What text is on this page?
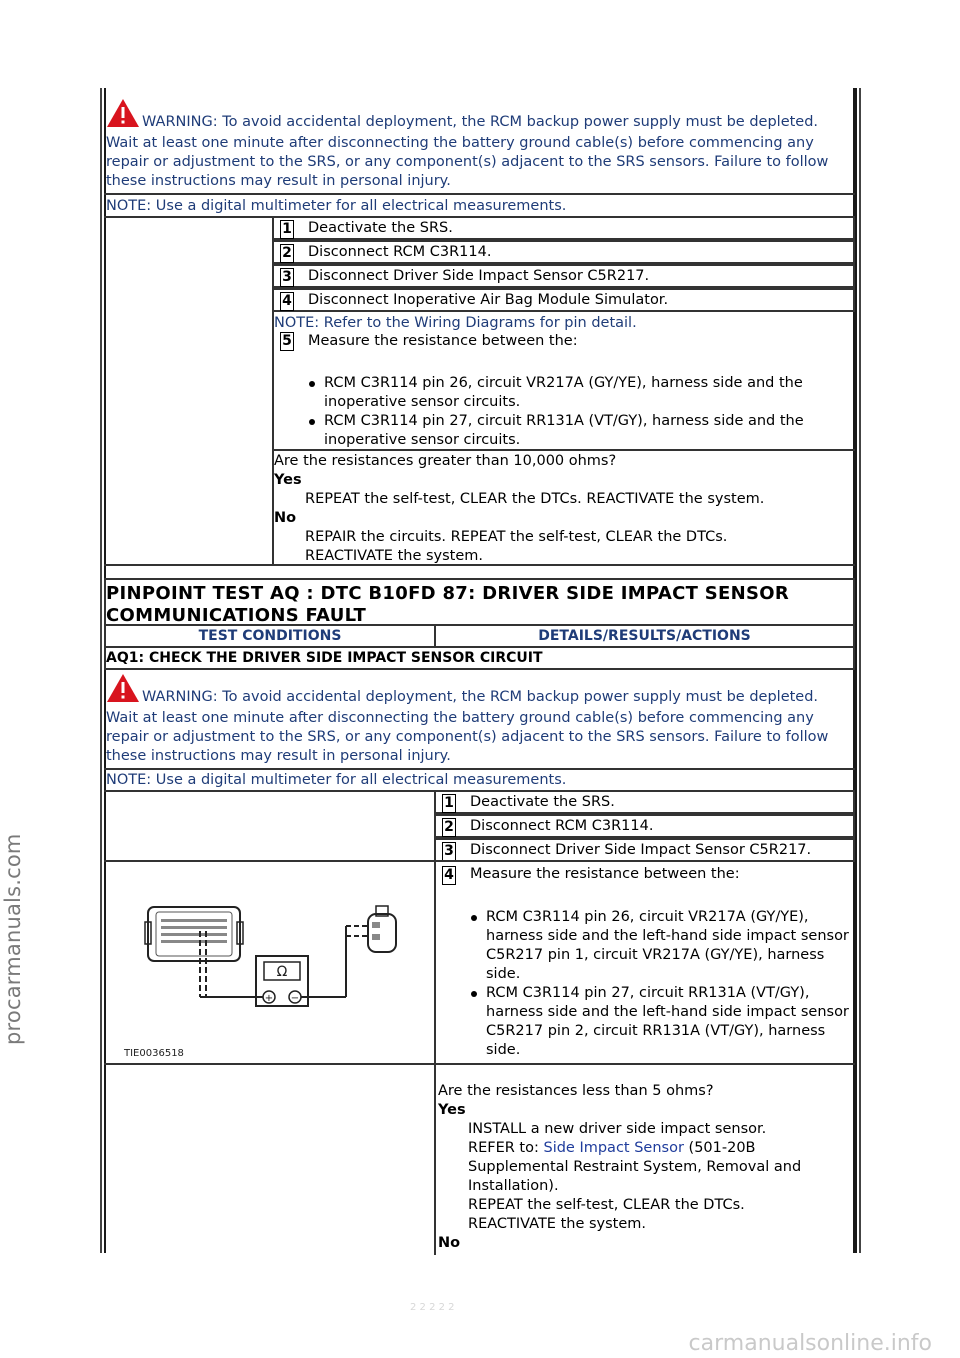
procarmanuals.com
carmanualsonline.info
2 2 2 2 2
WARNING: To avoid accidental deployment, the RCM backup power supply must be depleted. Wait at least one minute after disconnecting the battery ground cable(s) before commencing any repair or adjustment to the SRS, or any component(s) adjacent to the SRS sensors. Failure to follow these instructions may result in personal injury.
NOTE: Use a digital multimeter for all electrical measurements.
1 Deactivate the SRS.
2 Disconnect RCM C3R114.
3 Disconnect Driver Side Impact Sensor C5R217.
4 Disconnect Inoperative Air Bag Module Simulator.
NOTE: Refer to the Wiring Diagrams for pin detail.
5 Measure the resistance between the:
RCM C3R114 pin 26, circuit VR217A (GY/YE), harness side and the inoperative sensor circuits.
RCM C3R114 pin 27, circuit RR131A (VT/GY), harness side and the inoperative sensor circuits.
Are the resistances greater than 10,000 ohms?
Yes
REPEAT the self-test, CLEAR the DTCs. REACTIVATE the system.
No
REPAIR the circuits. REPEAT the self-test, CLEAR the DTCs.
REACTIVATE the system.
PINPOINT TEST AQ : DTC B10FD 87: DRIVER SIDE IMPACT SENSOR
COMMUNICATIONS FAULT
TEST CONDITIONS	DETAILS/RESULTS/ACTIONS
AQ1: CHECK THE DRIVER SIDE IMPACT SENSOR CIRCUIT
WARNING: To avoid accidental deployment, the RCM backup power supply must be depleted. Wait at least one minute after disconnecting the battery ground cable(s) before commencing any repair or adjustment to the SRS, or any component(s) adjacent to the SRS sensors. Failure to follow these instructions may result in personal injury.
NOTE: Use a digital multimeter for all electrical measurements.
1 Deactivate the SRS.
2 Disconnect RCM C3R114.
3 Disconnect Driver Side Impact Sensor C5R217.
Ω
+ −
TIE0036518
4 Measure the resistance between the:
RCM C3R114 pin 26, circuit VR217A (GY/YE), harness side and the left-hand side impact sensor C5R217 pin 1, circuit VR217A (GY/YE), harness side.
RCM C3R114 pin 27, circuit RR131A (VT/GY), harness side and the left-hand side impact sensor C5R217 pin 2, circuit RR131A (VT/GY), harness side.
Are the resistances less than 5 ohms?
Yes
INSTALL a new driver side impact sensor.
REFER to: Side Impact Sensor (501-20B Supplemental Restraint System, Removal and Installation).
REPEAT the self-test, CLEAR the DTCs.
REACTIVATE the system.
No
